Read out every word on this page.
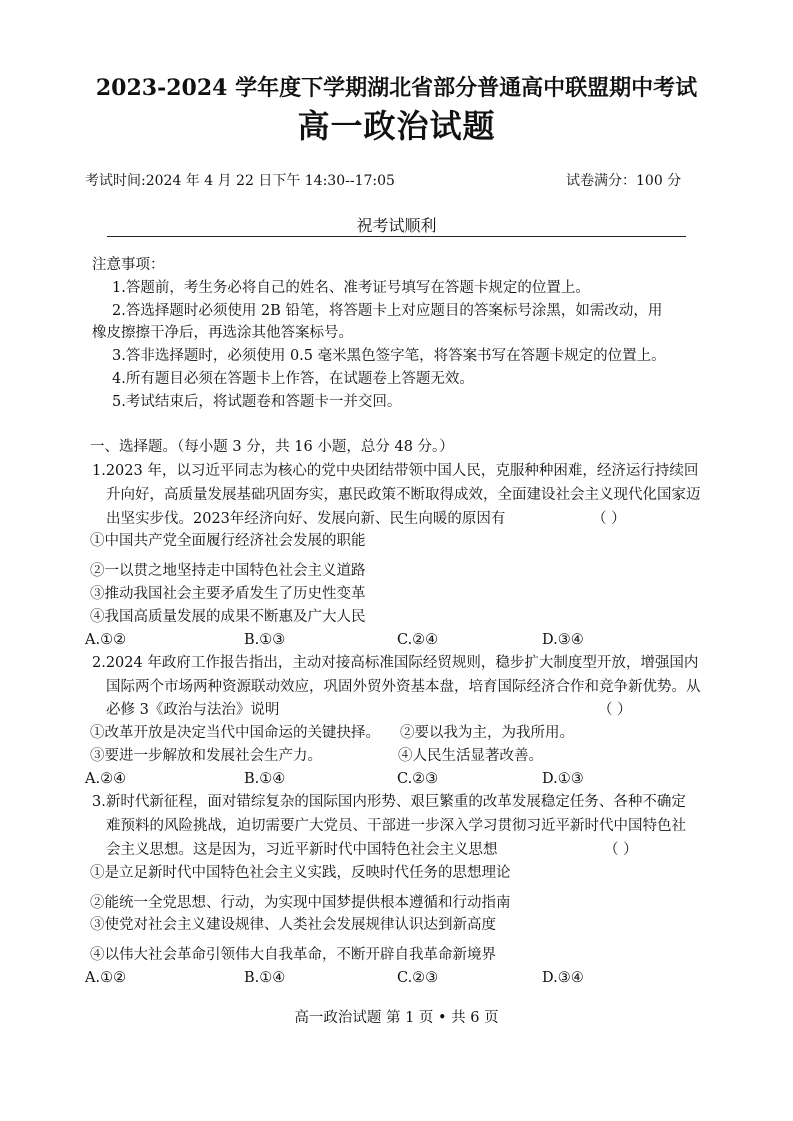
2023-2024 学年度下学期湖北省部分普通高中联盟期中考试
高一政治试题
考试时间:2024 年 4 月 22 日下午 14:30--17:05	试卷满分：100 分
祝考试顺利
注意事项：
1.答题前，考生务必将自己的姓名、准考证号填写在答题卡规定的位置上。
2.答选择题时必须使用 2B 铅笔，将答题卡上对应题目的答案标号涂黑，如需改动，用
橡皮擦擦干净后，再选涂其他答案标号。
3.答非选择题时，必须使用 0.5 毫米黑色签字笔，将答案书写在答题卡规定的位置上。
4.所有题目必须在答题卡上作答，在试题卷上答题无效。
5.考试结束后，将试题卷和答题卡一并交回。
一、选择题。（每小题 3 分，共 16 小题，总分 48 分。）
1.2023 年，以习近平同志为核心的党中央团结带领中国人民，克服种种困难，经济运行持续回
升向好，高质量发展基础巩固夯实，惠民政策不断取得成效，全面建设社会主义现代化国家迈
出坚实步伐。2023年经济向好、发展向新、民生向暖的原因有	（ ）
①中国共产党全面履行经济社会发展的职能
②一以贯之地坚持走中国特色社会主义道路
③推动我国社会主要矛盾发生了历史性变革
④我国高质量发展的成果不断惠及广大人民
A.①②	B.①③	C.②④	D.③④
2.2024 年政府工作报告指出，主动对接高标准国际经贸规则，稳步扩大制度型开放，增强国内
国际两个市场两种资源联动效应，巩固外贸外资基本盘，培育国际经济合作和竞争新优势。从
必修 3《政治与法治》说明	（ ）
①改革开放是决定当代中国命运的关键抉择。 ②要以我为主，为我所用。
③要进一步解放和发展社会生产力。	④人民生活显著改善。
A.②④	B.①④	C.②③	D.①③
3.新时代新征程，面对错综复杂的国际国内形势、艰巨繁重的改革发展稳定任务、各种不确定
难预料的风险挑战，迫切需要广大党员、干部进一步深入学习贯彻习近平新时代中国特色社
会主义思想。这是因为，习近平新时代中国特色社会主义思想	（ ）
①是立足新时代中国特色社会主义实践，反映时代任务的思想理论
②能统一全党思想、行动，为实现中国梦提供根本遵循和行动指南
③使党对社会主义建设规律、人类社会发展规律认识达到新高度
④以伟大社会革命引领伟大自我革命，不断开辟自我革命新境界
A.①②	B.①④	C.②③	D.③④
高一政治试题 第 1 页 • 共 6 页
